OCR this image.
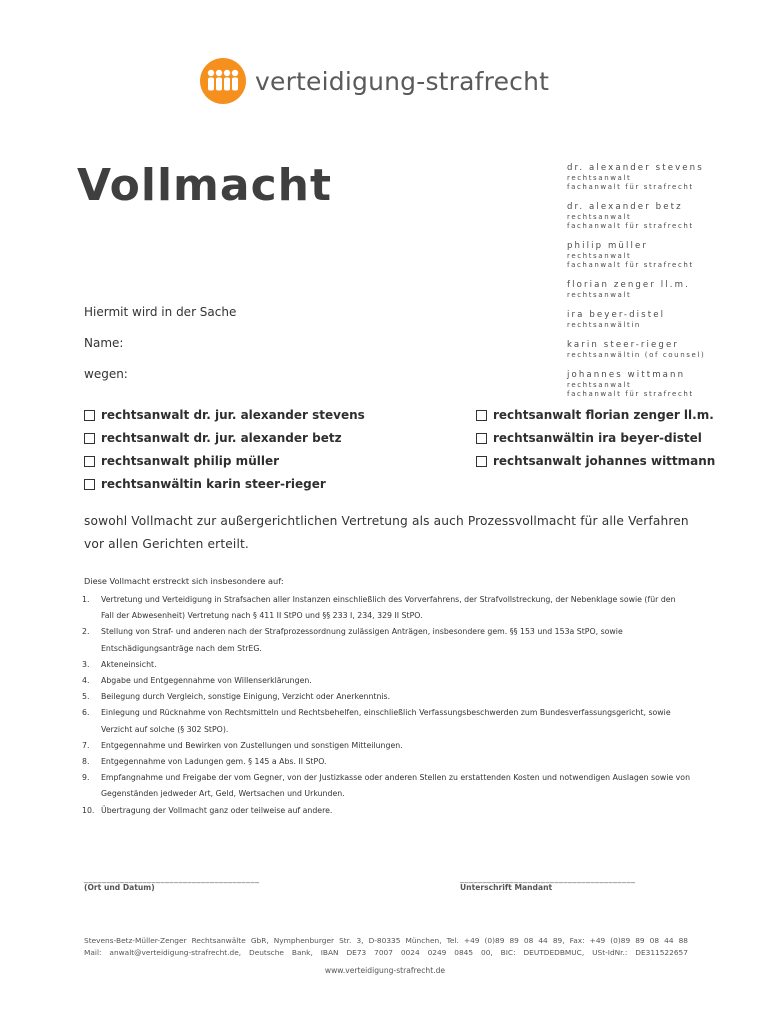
verteidigung-strafrecht
Vollmacht	dr. alexander stevens
rechtsanwalt
fachanwalt für strafrecht
dr. alexander betz
rechtsanwalt
fachanwalt für strafrecht
philip müller
rechtsanwalt
fachanwalt für strafrecht
florian zenger ll.m.
rechtsanwalt
ira beyer-distel
rechtsanwältin
karin steer-rieger
rechtsanwältin (of counsel)
johannes wittmann
rechtsanwalt
fachanwalt für strafrecht
Hiermit wird in der Sache
Name:
wegen:
rechtsanwalt dr. jur. alexander stevens
rechtsanwalt dr. jur. alexander betz
rechtsanwalt philip müller
rechtsanwältin karin steer-rieger
rechtsanwalt florian zenger ll.m.
rechtsanwältin ira beyer-distel
rechtsanwalt johannes wittmann
sowohl Vollmacht zur außergerichtlichen Vertretung als auch Prozessvollmacht für alle Verfahren vor allen Gerichten erteilt.
Diese Vollmacht erstreckt sich insbesondere auf:
1.	Vertretung und Verteidigung in Strafsachen aller Instanzen einschließlich des Vorverfahrens, der Strafvollstreckung, der Nebenklage sowie (für den Fall der Abwesenheit) Vertretung nach § 411 II StPO und §§ 233 I, 234, 329 II StPO.
2.	Stellung von Straf- und anderen nach der Strafprozessordnung zulässigen Anträgen, insbesondere gem. §§ 153 und 153a StPO, sowie Entschädigungsanträge nach dem StrEG.
3.	Akteneinsicht.
4.	Abgabe und Entgegennahme von Willenserklärungen.
5.	Beilegung durch Vergleich, sonstige Einigung, Verzicht oder Anerkenntnis.
6.	Einlegung und Rücknahme von Rechtsmitteln und Rechtsbehelfen, einschließlich Verfassungsbeschwerden zum Bundesverfassungsgericht, sowie Verzicht auf solche (§ 302 StPO).
7.	Entgegennahme und Bewirken von Zustellungen und sonstigen Mitteilungen.
8.	Entgegennahme von Ladungen gem. § 145 a Abs. II StPO.
9.	Empfangnahme und Freigabe der vom Gegner, von der Justizkasse oder anderen Stellen zu erstattenden Kosten und notwendigen Auslagen sowie von Gegenständen jedweder Art, Geld, Wertsachen und Urkunden.
10. Übertragung der Vollmacht ganz oder teilweise auf andere.
_______________________________________
(Ort und Datum)
_______________________________________
Unterschrift Mandant
Stevens-Betz-Müller-Zenger Rechtsanwälte GbR, Nymphenburger Str. 3, D-80335 München, Tel. +49 (0)89 89 08 44 89, Fax: +49 (0)89 89 08 44 88
Mail: anwalt@verteidigung-strafrecht.de, Deutsche Bank, IBAN DE73 7007 0024 0249 0845 00, BIC: DEUTDEDBMUC, USt-IdNr.: DE311522657
www.verteidigung-strafrecht.de
